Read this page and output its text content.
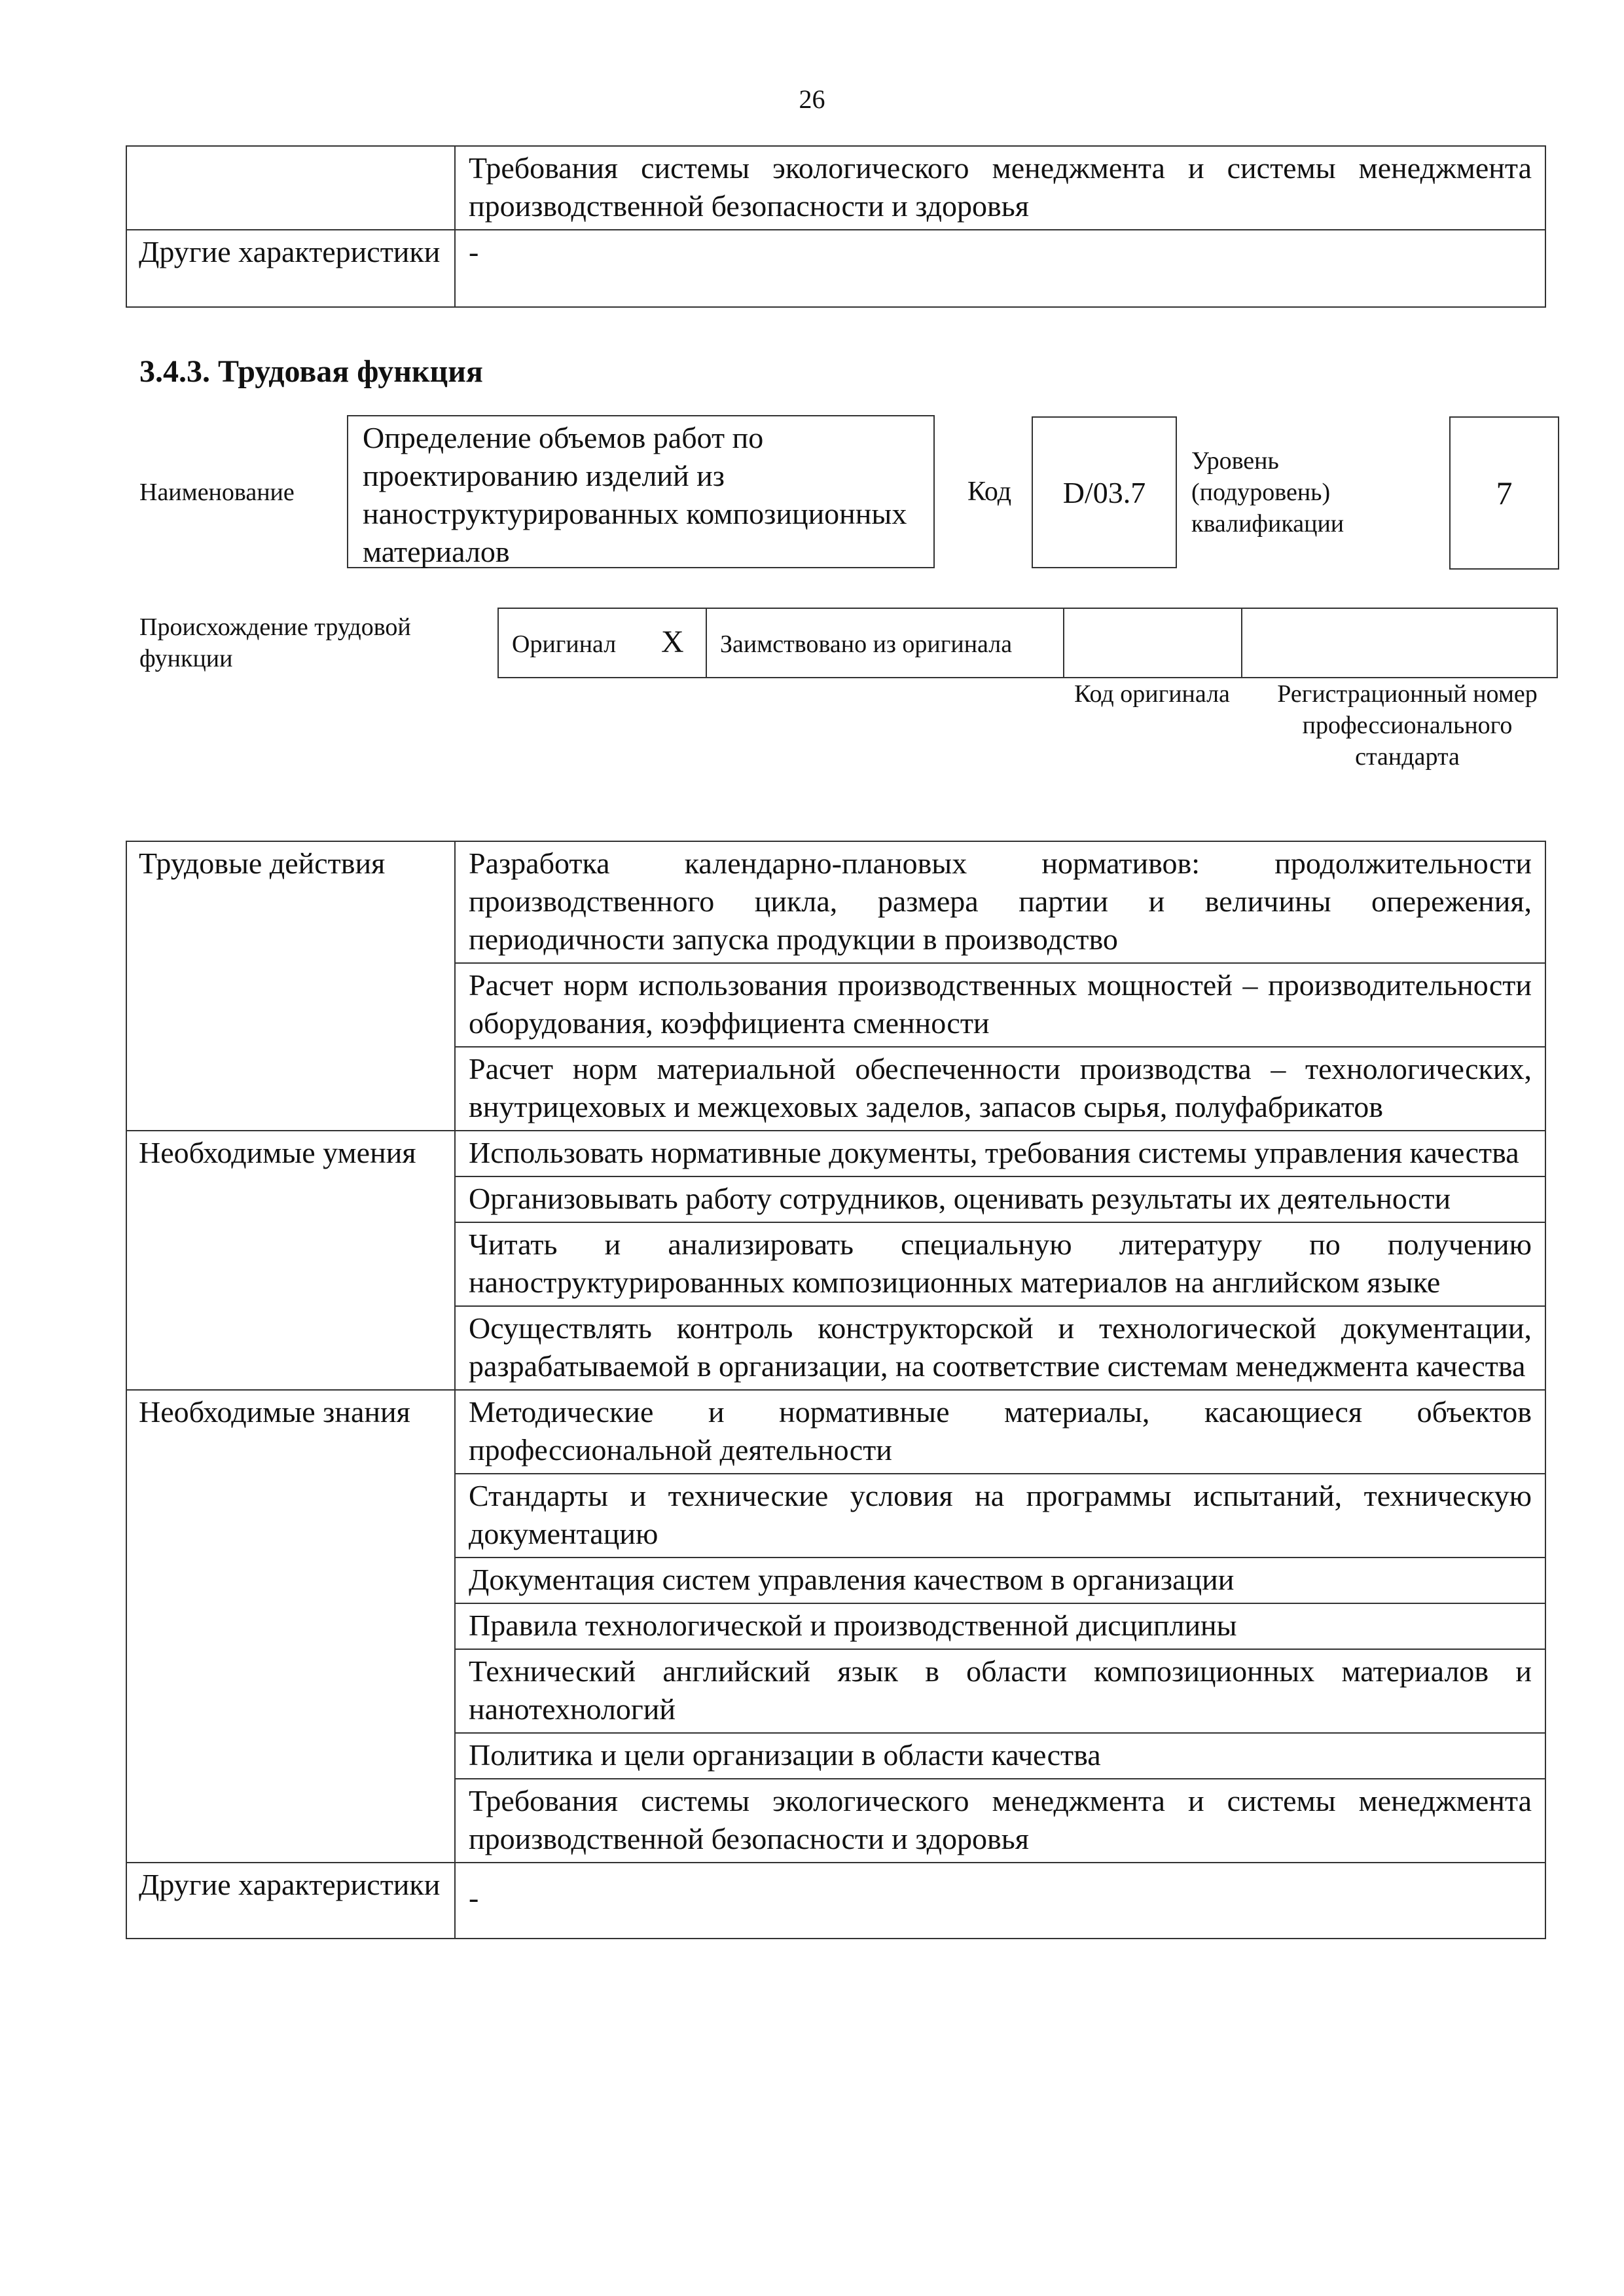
26
	Требования системы экологического менеджмента и системы менеджмента производственной безопасности и здоровья
Другие характеристики	-
3.4.3. Трудовая функция
Наименование
Определение объемов работ по проектированию изделий из наноструктурированных композиционных материалов
Код	D/03.7
Уровень (подуровень) квалификации
7
Происхождение трудовой функции
Оригинал X Заимствовано из оригинала
Код оригинала	Регистрационный номер профессионального стандарта
Трудовые действия	Разработка календарно-плановых нормативов: продолжительности производственного цикла, размера партии и величины опережения, периодичности запуска продукции в производство
	Расчет норм использования производственных мощностей – производительности оборудования, коэффициента сменности
	Расчет норм материальной обеспеченности производства – технологических, внутрицеховых и межцеховых заделов, запасов сырья, полуфабрикатов
Необходимые умения	Использовать нормативные документы, требования системы управления качества
	Организовывать работу сотрудников, оценивать результаты их деятельности
	Читать и анализировать специальную литературу по получению наноструктурированных композиционных материалов на английском языке
	Осуществлять контроль конструкторской и технологической документации, разрабатываемой в организации, на соответствие системам менеджмента качества
Необходимые знания	Методические и нормативные материалы, касающиеся объектов профессиональной деятельности
	Стандарты и технические условия на программы испытаний, техническую документацию
	Документация систем управления качеством в организации
	Правила технологической и производственной дисциплины
	Технический английский язык в области композиционных материалов и нанотехнологий
	Политика и цели организации в области качества
	Требования системы экологического менеджмента и системы менеджмента производственной безопасности и здоровья
Другие характеристики	-
